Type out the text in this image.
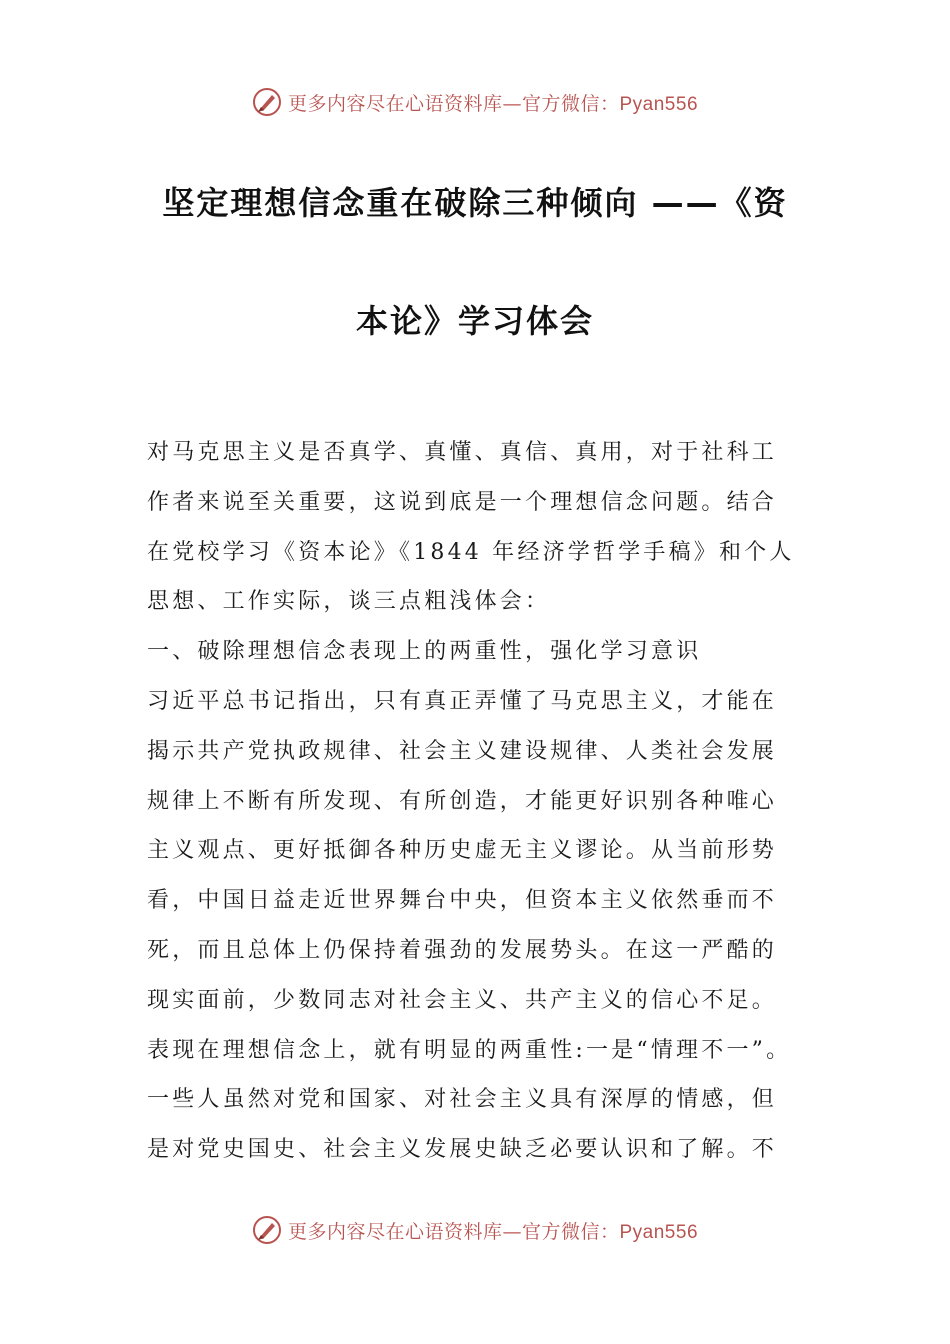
更多内容尽在心语资料库—官方微信：Pyan556
坚定理想信念重在破除三种倾向 ——《资
本论》学习体会
对马克思主义是否真学、真懂、真信、真用，对于社科工
作者来说至关重要，这说到底是一个理想信念问题。结合
在党校学习《资本论》《1844 年经济学哲学手稿》和个人
思想、工作实际，谈三点粗浅体会：
一、破除理想信念表现上的两重性，强化学习意识
习近平总书记指出，只有真正弄懂了马克思主义，才能在
揭示共产党执政规律、社会主义建设规律、人类社会发展
规律上不断有所发现、有所创造，才能更好识别各种唯心
主义观点、更好抵御各种历史虚无主义谬论。从当前形势
看，中国日益走近世界舞台中央，但资本主义依然垂而不
死，而且总体上仍保持着强劲的发展势头。在这一严酷的
现实面前，少数同志对社会主义、共产主义的信心不足。
表现在理想信念上，就有明显的两重性:一是“情理不一”。
一些人虽然对党和国家、对社会主义具有深厚的情感，但
是对党史国史、社会主义发展史缺乏必要认识和了解。不
更多内容尽在心语资料库—官方微信：Pyan556
